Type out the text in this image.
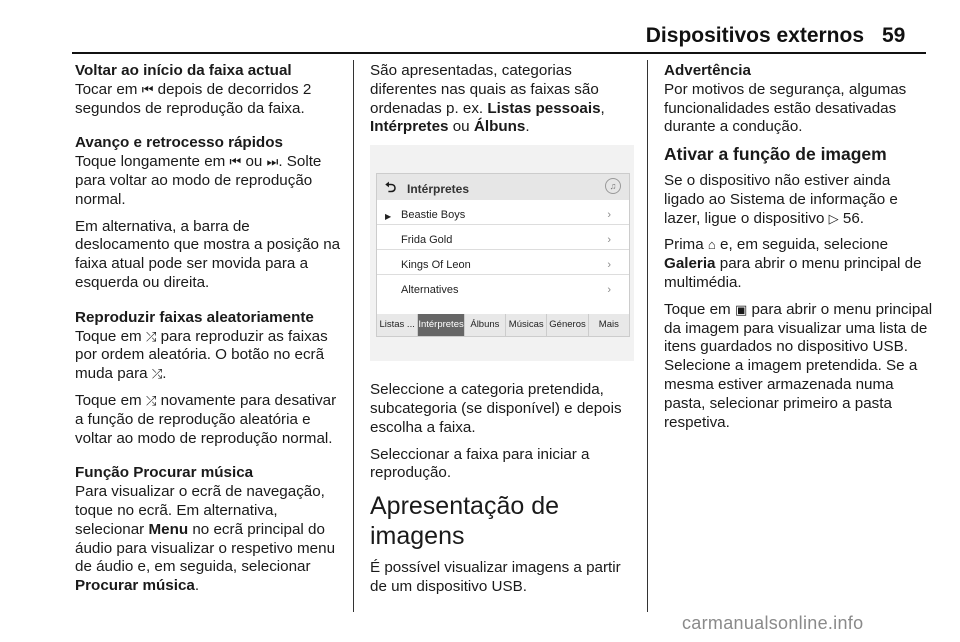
Dispositivos externos 59

Voltar ao início da faixa actual

Tocar em ⏮ depois de decorridos 2 segundos de reprodução da faixa.

Avanço e retrocesso rápidos

Toque longamente em ⏮ ou ⏭. Solte para voltar ao modo de reprodução normal.

Em alternativa, a barra de deslocamento que mostra a posição na faixa atual pode ser movida para a esquerda ou direita.

Reproduzir faixas aleatoriamente

Toque em ⤮ para reproduzir as faixas por ordem aleatória. O botão no ecrã muda para ⤮.

Toque em ⤮ novamente para desativar a função de reprodução aleatória e voltar ao modo de reprodução normal.

Função Procurar música

Para visualizar o ecrã de navegação, toque no ecrã. Em alternativa, selecionar Menu no ecrã principal do áudio para visualizar o respetivo menu de áudio e, em seguida, selecionar Procurar música.

São apresentadas, categorias diferentes nas quais as faixas são ordenadas p. ex. Listas pessoais, Intérpretes ou Álbuns.

⮌ Intérpretes	♫
▶ Beastie Boys	›
Frida Gold	›
Kings Of Leon	›
Alternatives	›
Listas ... Intérpretes Álbuns Músicas Géneros	Mais

Seleccione a categoria pretendida, subcategoria (se disponível) e depois escolha a faixa.

Seleccionar a faixa para iniciar a reprodução.

Apresentação de imagens

É possível visualizar imagens a partir de um dispositivo USB.

Advertência

Por motivos de segurança, algumas funcionalidades estão desativadas durante a condução.

Ativar a função de imagem

Se o dispositivo não estiver ainda ligado ao Sistema de informação e lazer, ligue o dispositivo ▷ 56.

Prima ⌂ e, em seguida, selecione Galeria para abrir o menu principal de multimédia.

Toque em ▣ para abrir o menu principal da imagem para visualizar uma lista de itens guardados no dispositivo USB. Selecione a imagem pretendida. Se a mesma estiver armazenada numa pasta, selecionar primeiro a pasta respetiva.

carmanualsonline.info
